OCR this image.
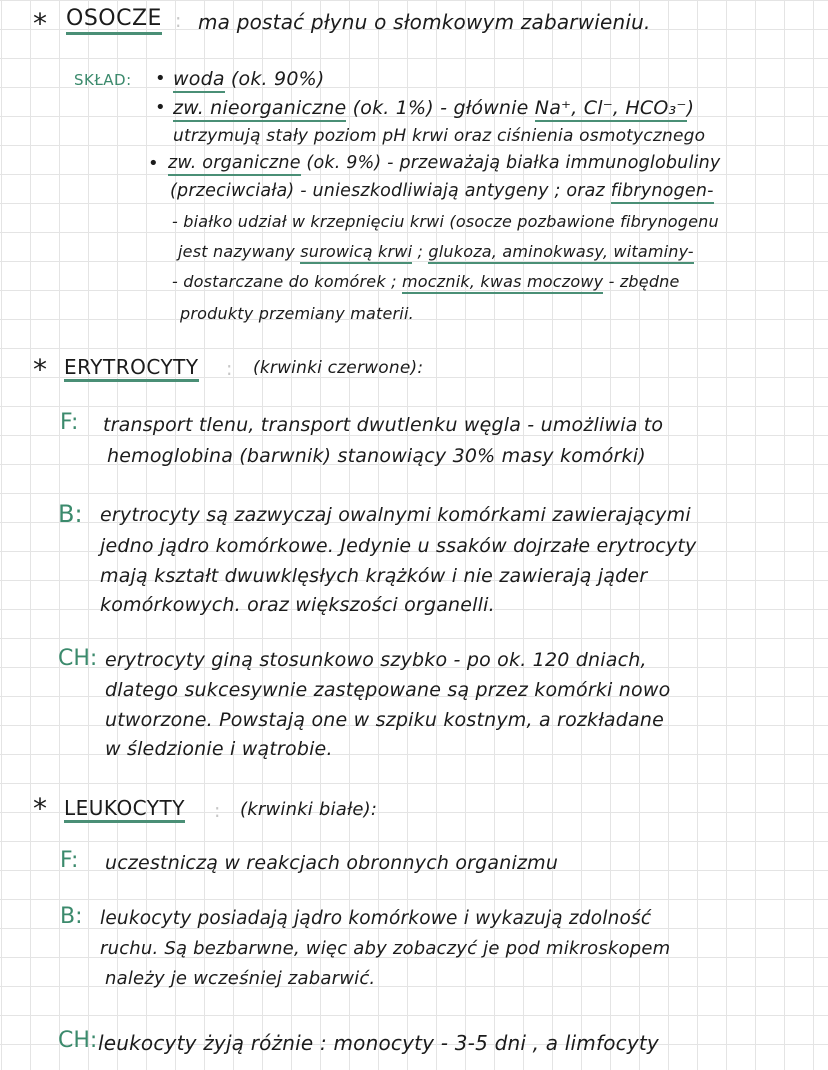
* OSOCZE : ma postać płynu o słomkowym zabarwieniu.
SKŁAD: • woda (ok. 90%)
• zw. nieorganiczne (ok. 1%) - głównie Na⁺, Cl⁻, HCO₃⁻)
utrzymują stały poziom pH krwi oraz ciśnienia osmotycznego
• zw. organiczne (ok. 9%) - przeważają białka immunoglobuliny
(przeciwciała) - unieszkodliwiają antygeny ; oraz fibrynogen-
- białko udział w krzepnięciu krwi (osocze pozbawione fibrynogenu
jest nazywany surowicą krwi ; glukoza, aminokwasy, witaminy-
- dostarczane do komórek ; mocznik, kwas moczowy - zbędne
produkty przemiany materii.
* ERYTROCYTY : (krwinki czerwone):
F: transport tlenu, transport dwutlenku węgla - umożliwia to
hemoglobina (barwnik) stanowiący 30% masy komórki)
B: erytrocyty są zazwyczaj owalnymi komórkami zawierającymi
jedno jądro komórkowe. Jedynie u ssaków dojrzałe erytrocyty
mają kształt dwuwklęsłych krążków i nie zawierają jąder
komórkowych. oraz większości organelli.
CH: erytrocyty giną stosunkowo szybko - po ok. 120 dniach,
dlatego sukcesywnie zastępowane są przez komórki nowo
utworzone. Powstają one w szpiku kostnym, a rozkładane
w śledzionie i wątrobie.
* LEUKOCYTY : (krwinki białe):
F: uczestniczą w reakcjach obronnych organizmu
B: leukocyty posiadają jądro komórkowe i wykazują zdolność
ruchu. Są bezbarwne, więc aby zobaczyć je pod mikroskopem
należy je wcześniej zabarwić.
CH: leukocyty żyją różnie : monocyty - 3-5 dni , a limfocyty
